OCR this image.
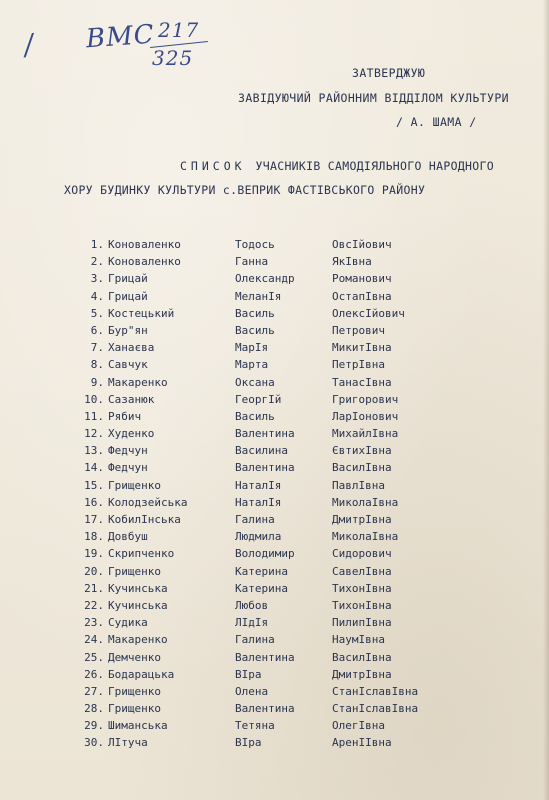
/ ВМС 217
325
ЗАТВЕРДЖУЮ
ЗАВІДУЮЧИЙ РАЙОННИМ ВІДДІЛОМ КУЛЬТУРИ
/ А. ШАМА /
СПИСОК УЧАСНИКІВ САМОДІЯЛЬНОГО НАРОДНОГО
ХОРУ БУДИНКУ КУЛЬТУРИ с.ВЕПРИК ФАСТІВСЬКОГО РАЙОНУ
1. Коноваленко	Тодось	ОвсІйович
2. Коноваленко	Ганна	ЯкІвна
3. Грицай	Олександр	Романович
4. Грицай	МеланІя	ОстапІвна
5. Костецький	Василь	ОлексІйович
6. Бур"ян	Василь	Петрович
7. Ханаєва	МарІя	МикитІвна
8. Савчук	Марта	ПетрІвна
9. Макаренко	Оксана	ТанасІвна
10. Сазанюк	ГеоргІй	Григорович
11. Рябич	Василь	ЛарІонович
12. Худенко	Валентина	МихайлІвна
13. Федчун	Василина	ЄвтихІвна
14. Федчун	Валентина	ВасилІвна
15. Грищенко	НаталІя	ПавлІвна
16. Колодзейська	НаталІя	МиколаІвна
17. КобилІнська	Галина	ДмитрІвна
18. Довбуш	Людмила	МиколаІвна
19. Скрипченко	Володимир	Сидорович
20. Грищенко	Катерина	СавелІвна
21. Кучинська	Катерина	ТихонІвна
22. Кучинська	Любов	ТихонІвна
23. Судика	ЛІдІя	ПилипІвна
24. Макаренко	Галина	НаумІвна
25. Демченко	Валентина	ВасилІвна
26. Бодарацька	ВІра	ДмитрІвна
27. Грищенко	Олена	СтанІславІвна
28. Грищенко	Валентина	СтанІславІвна
29. Шиманська	Тетяна	ОлегІвна
30. ЛІтуча	ВІра	АренІІвна
